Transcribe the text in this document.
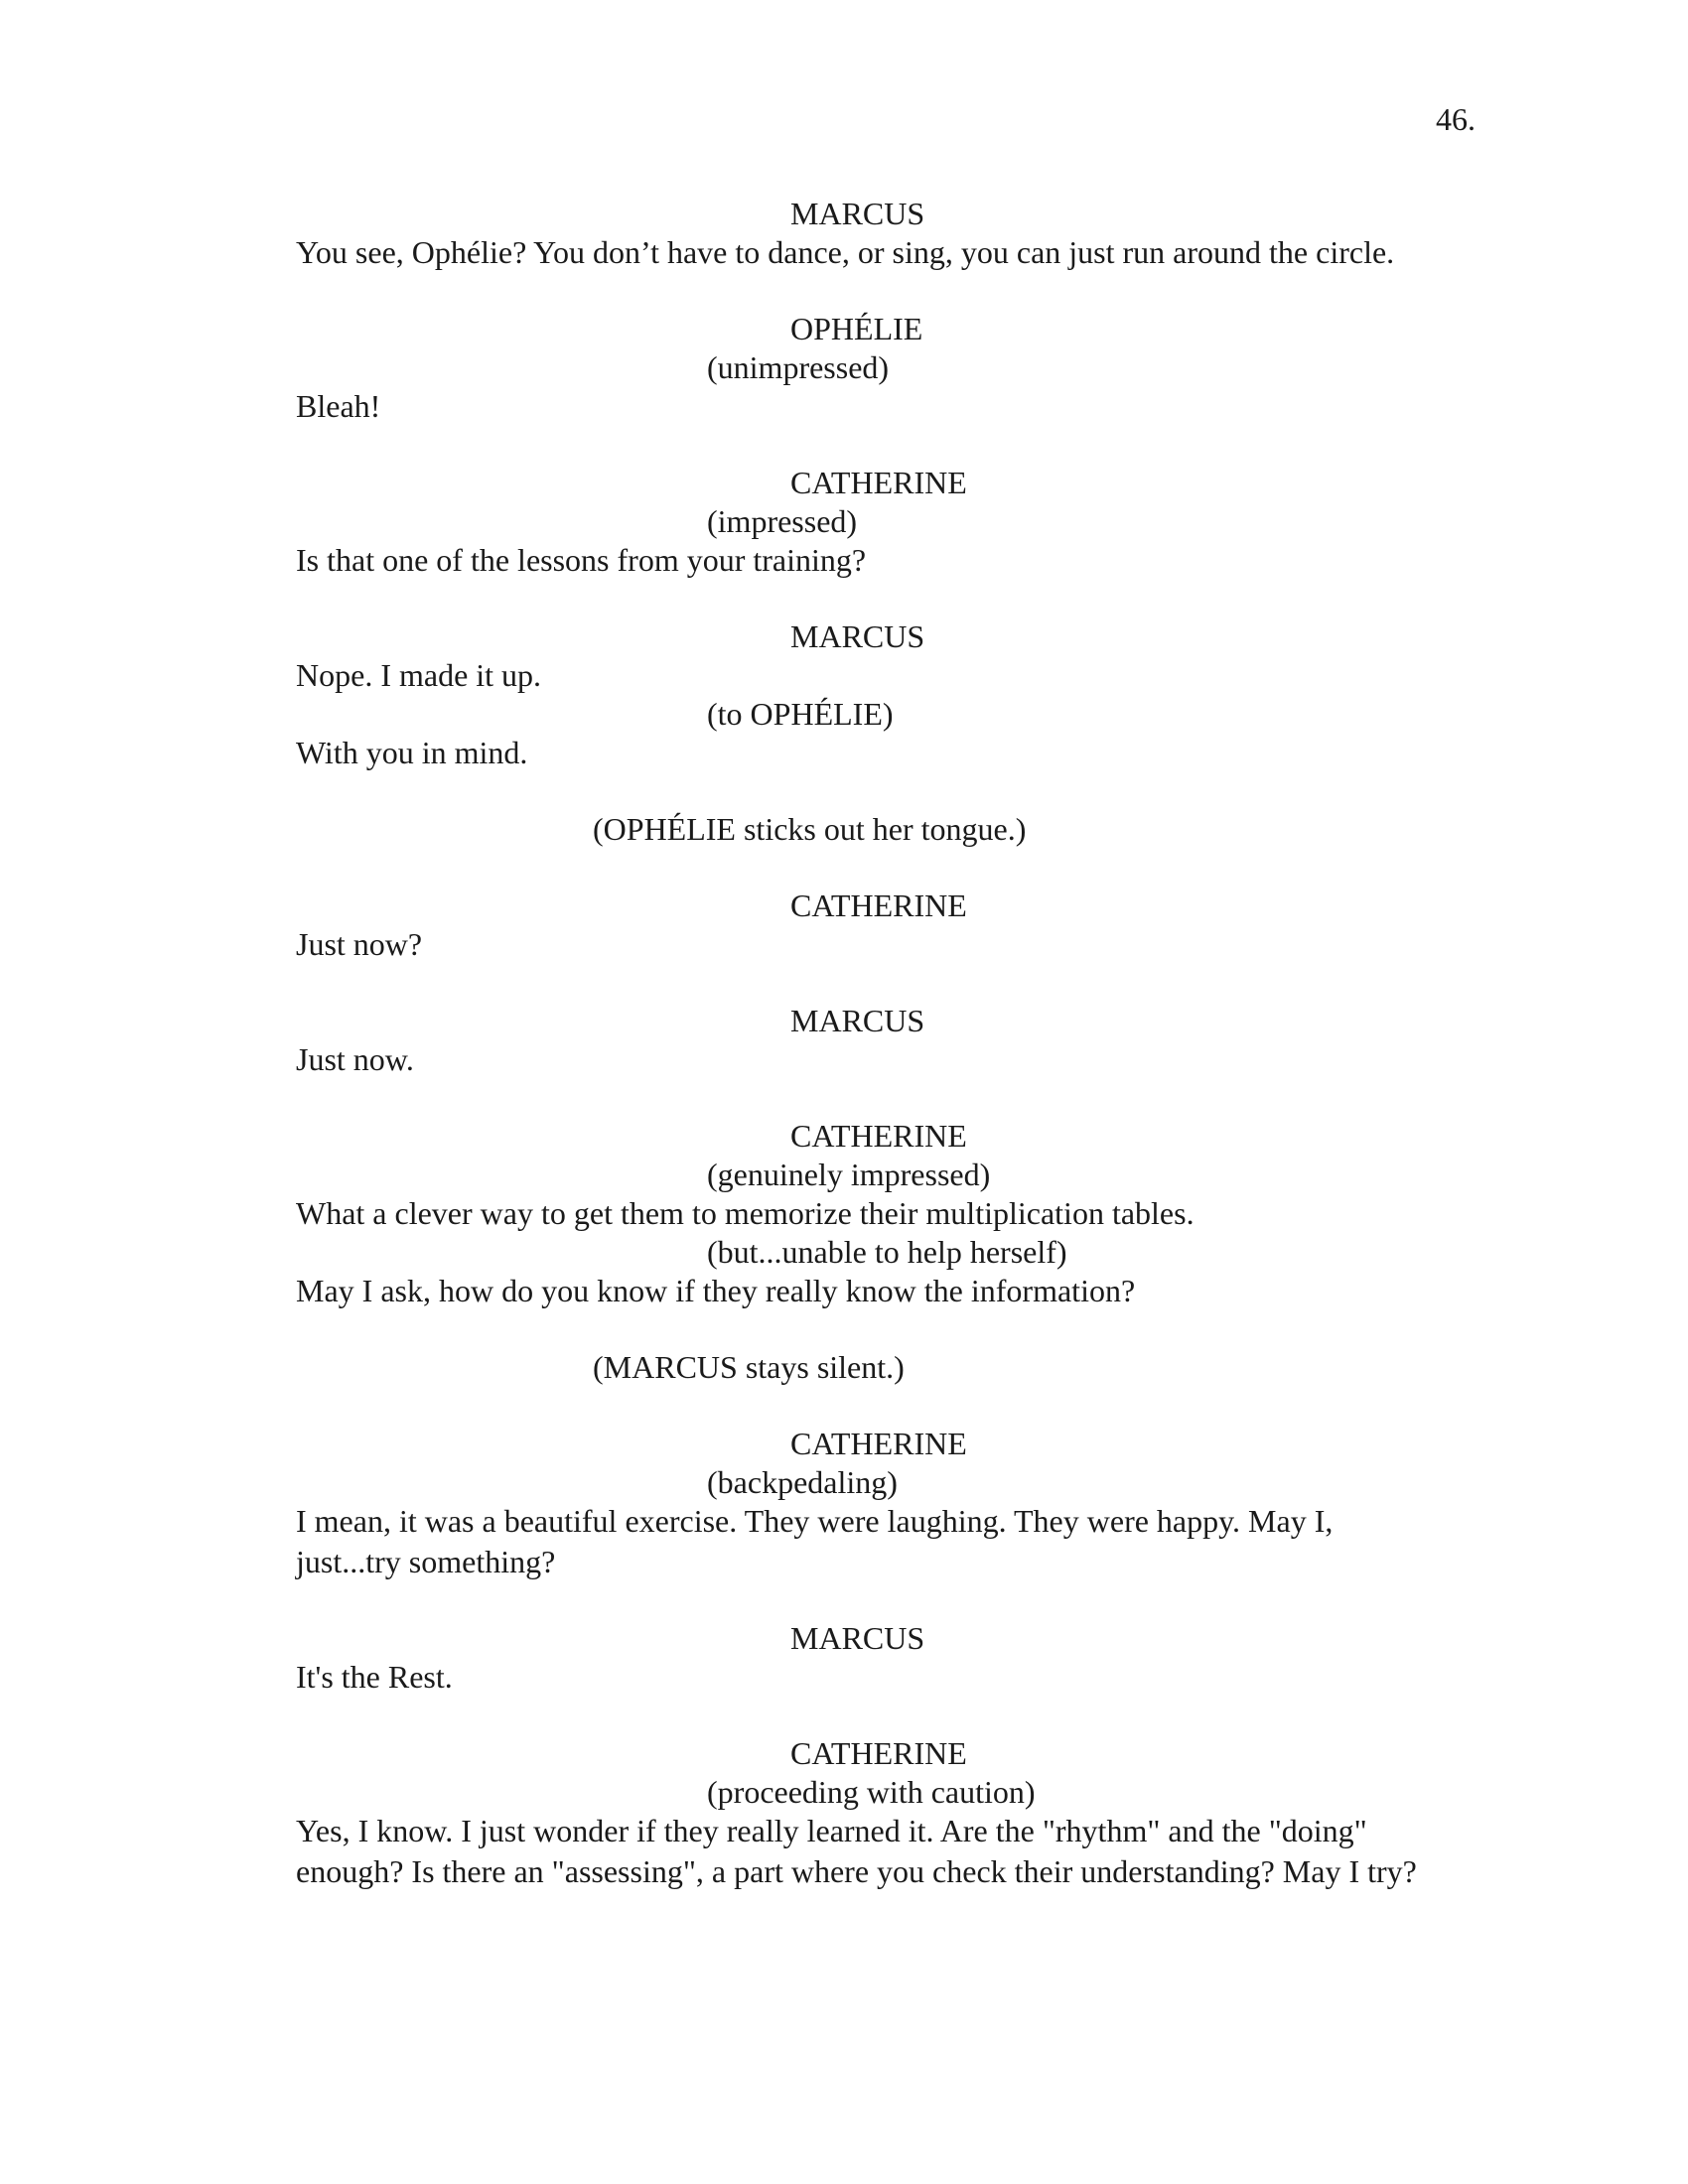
46.
MARCUS
You see, Ophélie? You don’t have to dance, or sing, you can just run around the circle.
OPHÉLIE
(unimpressed)
Bleah!
CATHERINE
(impressed)
Is that one of the lessons from your training?
MARCUS
Nope. I made it up.
(to OPHÉLIE)
With you in mind.
(OPHÉLIE sticks out her tongue.)
CATHERINE
Just now?
MARCUS
Just now.
CATHERINE
(genuinely impressed)
What a clever way to get them to memorize their multiplication tables.
(but...unable to help herself)
May I ask, how do you know if they really know the information?
(MARCUS stays silent.)
CATHERINE
(backpedaling)
I mean, it was a beautiful exercise. They were laughing. They were happy. May I,
just...try something?
MARCUS
It's the Rest.
CATHERINE
(proceeding with caution)
Yes, I know. I just wonder if they really learned it. Are the "rhythm" and the "doing"
enough? Is there an "assessing", a part where you check their understanding? May I try?
